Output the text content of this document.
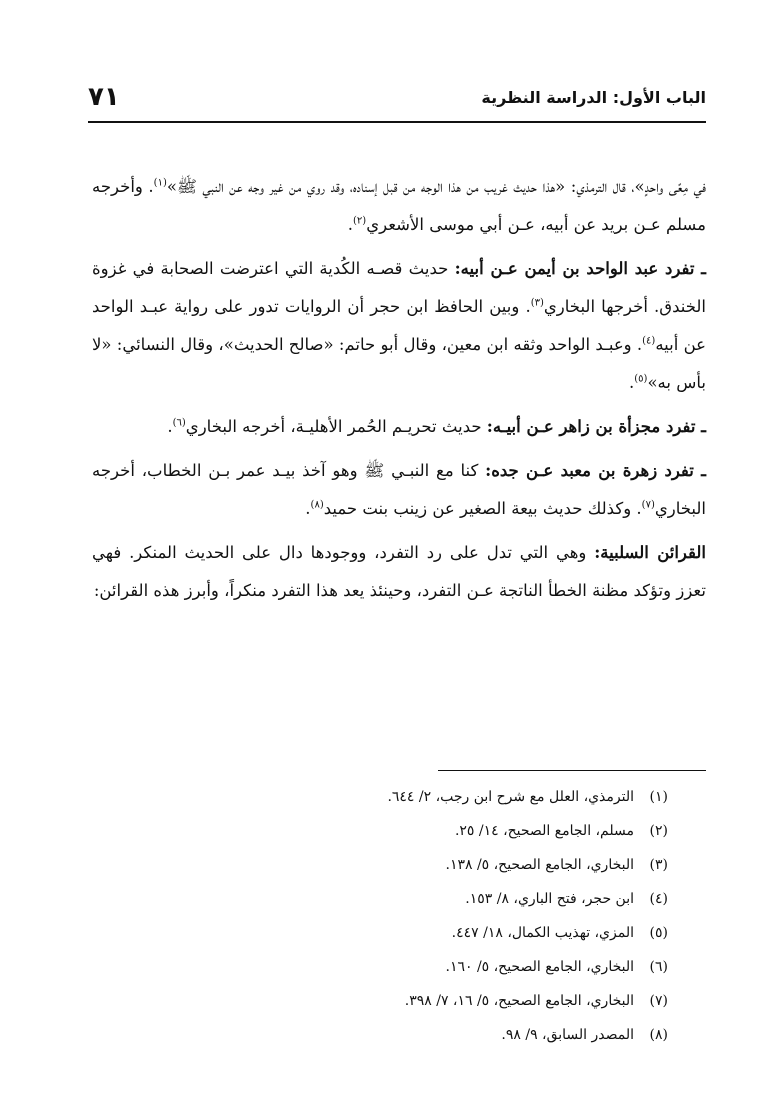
الباب الأول: الدراسة النظرية
٧١

في مِعًى واحدٍ»، قال الترمذي: «هذا حديث غريب من هذا الوجه من قبل إسناده، وقد روي من غير وجه عن النبي ﷺ»$^{(١)}$. وأخرجه مسلم عـن بريد عن أبيه، عـن أبي موسى الأشعري$^{(٢)}$.

ـ تفرد عبد الواحد بن أيمن عـن أبيه: حديث قصـه الكُدية التي اعترضت الصحابة في غزوة الخندق. أخرجها البخاري$^{(٣)}$. وبين الحافظ ابن حجر أن الروايات تدور على رواية عبـد الواحد عن أبيه$^{(٤)}$. وعبـد الواحد وثقه ابن معين، وقال أبو حاتم: «صالح الحديث»، وقال النسائي: «لا بأس به»$^{(٥)}$.

ـ تفرد مجزأة بن زاهر عـن أبيـه: حديث تحريـم الحُمر الأهليـة، أخرجه البخاري$^{(٦)}$.

ـ تفرد زهرة بن معبد عـن جده: كنا مع النبـي ﷺ وهو آخذ بيـد عمر بـن الخطاب، أخرجه البخاري$^{(٧)}$. وكذلك حديث بيعة الصغير عن زينب بنت حميد$^{(٨)}$.

القرائن السلبية: وهي التي تدل على رد التفرد، ووجودها دال على الحديث المنكر. فهي تعزز وتؤكد مظنة الخطأ الناتجة عـن التفرد، وحينئذ يعد هذا التفرد منكراً، وأبرز هذه القرائن:

(١)الترمذي، العلل مع شرح ابن رجب، ٢/ ٦٤٤.
(٢)مسلم، الجامع الصحيح، ١٤/ ٢٥.
(٣)البخاري، الجامع الصحيح، ٥/ ١٣٨.
(٤)ابن حجر، فتح الباري، ٨/ ١٥٣.
(٥)المزي، تهذيب الكمال، ١٨/ ٤٤٧.
(٦)البخاري، الجامع الصحيح، ٥/ ١٦٠.
(٧)البخاري، الجامع الصحيح، ٥/ ١٦، ٧/ ٣٩٨.
(٨)المصدر السابق، ٩/ ٩٨.
